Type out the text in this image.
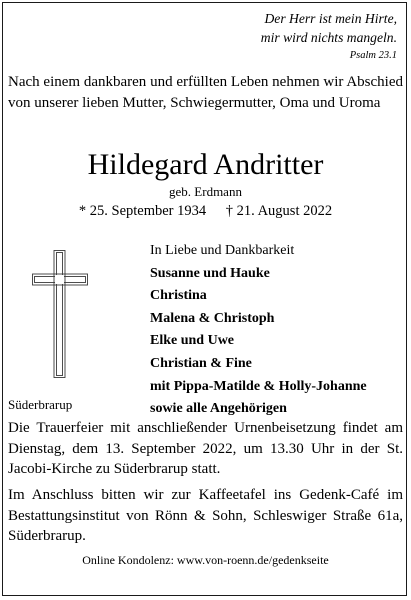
Der Herr ist mein Hirte,
mir wird nichts mangeln.
Psalm 23.1

Nach einem dankbaren und erfüllten Leben nehmen wir Abschied von unserer lieben Mutter, Schwiegermutter, Oma und Uroma

Hildegard Andritter
geb. Erdmann
* 25. September 1934 † 21. August 2022
In Liebe und Dankbarkeit
Susanne und Hauke
Christina
Malena & Christoph
Elke und Uwe
Christian & Fine
mit Pippa-Matilde & Holly-Johanne
sowie alle Angehörigen
Süderbrarup

Die Trauerfeier mit anschließender Urnenbeisetzung findet am Dienstag, dem 13. September 2022, um 13.30 Uhr in der St. Jacobi-Kirche zu Süderbrarup statt.

Im Anschluss bitten wir zur Kaffeetafel ins Gedenk-Café im Bestattungsinstitut von Rönn & Sohn, Schleswiger Straße 61a, Süderbrarup.

Online Kondolenz: www.von-roenn.de/gedenkseite
